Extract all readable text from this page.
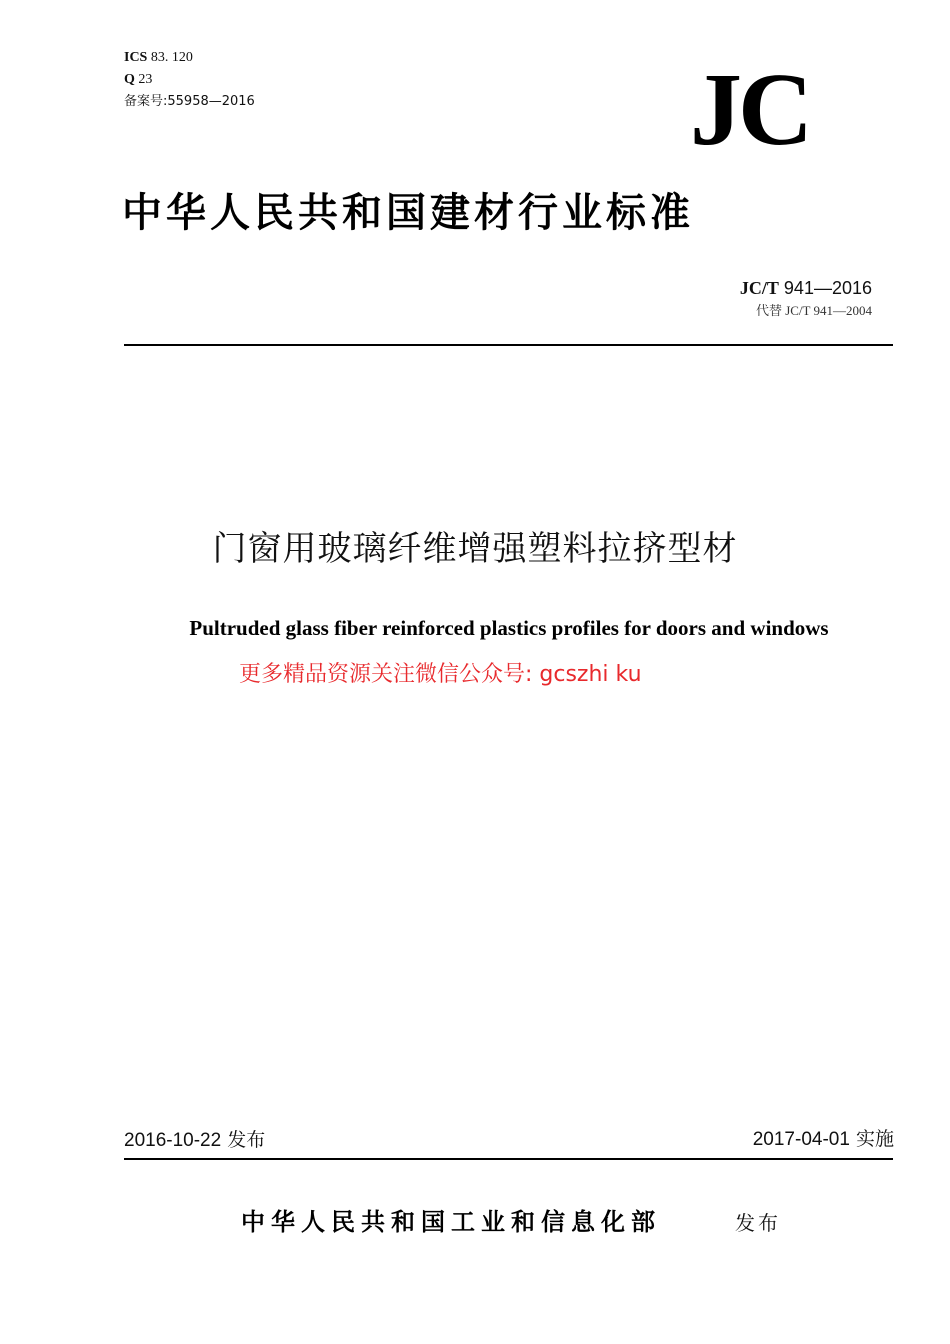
ICS 83. 120
Q 23
备案号:55958—2016	JC
中华人民共和国建材行业标准
JC/T 941—2016
代替 JC/T 941—2004
门窗用玻璃纤维增强塑料拉挤型材
Pultruded glass fiber reinforced plastics profiles for doors and windows
更多精品资源关注微信公众号: gcszhi ku
2016-10-22 发布	2017-04-01 实施
中华人民共和国工业和信息化部	发布
